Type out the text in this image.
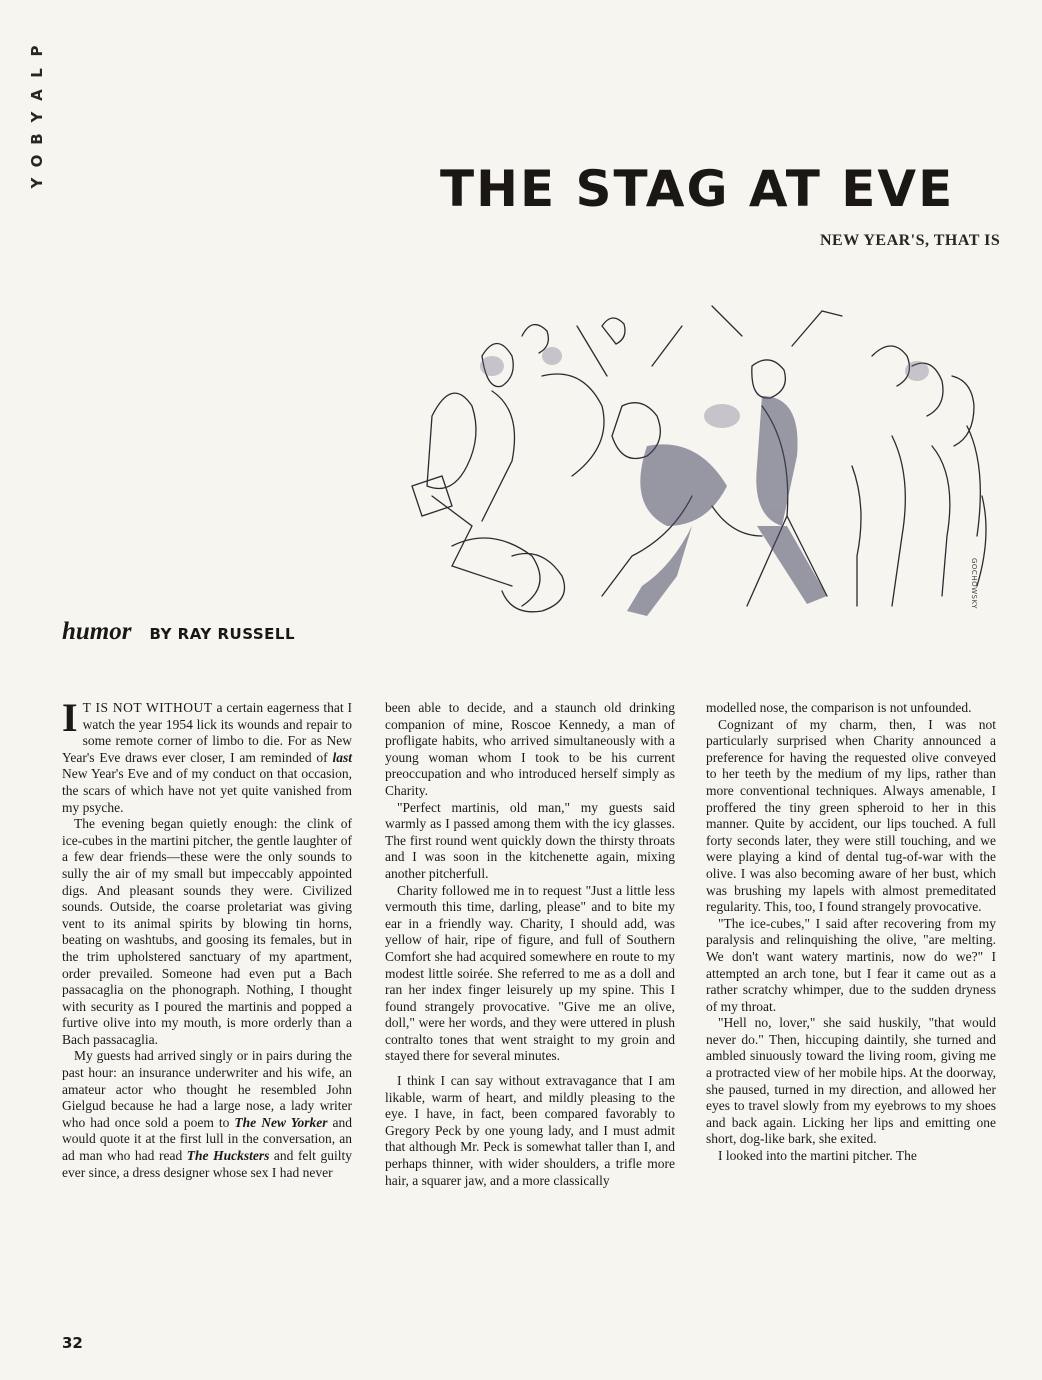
P
L
A
Y
B
O
Y	THE STAG AT EVE

NEW YEAR'S, THAT IS

GOCHOWSKY
humor BY RAY RUSSELL

I T IS NOT WITHOUT a certain eagerness that I watch the year 1954 lick its wounds and repair to some remote corner of limbo to die. For as New Year's Eve draws ever closer, I am reminded of last New Year's Eve and of my conduct on that occasion, the scars of which have not yet quite vanished from my psyche.

The evening began quietly enough: the clink of ice-cubes in the martini pitcher, the gentle laughter of a few dear friends—these were the only sounds to sully the air of my small but impeccably appointed digs. And pleasant sounds they were. Civilized sounds. Outside, the coarse proletariat was giving vent to its animal spirits by blowing tin horns, beating on washtubs, and goosing its females, but in the trim upholstered sanctuary of my apartment, order prevailed. Someone had even put a Bach passacaglia on the phonograph. Nothing, I thought with security as I poured the martinis and popped a furtive olive into my mouth, is more orderly than a Bach passacaglia.

My guests had arrived singly or in pairs during the past hour: an insurance underwriter and his wife, an amateur actor who thought he resembled John Gielgud because he had a large nose, a lady writer who had once sold a poem to The New Yorker and would quote it at the first lull in the conversation, an ad man who had read The Hucksters and felt guilty ever since, a dress designer whose sex I had never

been able to decide, and a staunch old drinking companion of mine, Roscoe Kennedy, a man of profligate habits, who arrived simultaneously with a young woman whom I took to be his current preoccupation and who introduced herself simply as Charity.

"Perfect martinis, old man," my guests said warmly as I passed among them with the icy glasses. The first round went quickly down the thirsty throats and I was soon in the kitchenette again, mixing another pitcherfull.

Charity followed me in to request "Just a little less vermouth this time, darling, please" and to bite my ear in a friendly way. Charity, I should add, was yellow of hair, ripe of figure, and full of Southern Comfort she had acquired somewhere en route to my modest little soirée. She referred to me as a doll and ran her index finger leisurely up my spine. This I found strangely provocative. "Give me an olive, doll," were her words, and they were uttered in plush contralto tones that went straight to my groin and stayed there for several minutes.

I think I can say without extravagance that I am likable, warm of heart, and mildly pleasing to the eye. I have, in fact, been compared favorably to Gregory Peck by one young lady, and I must admit that although Mr. Peck is somewhat taller than I, and perhaps thinner, with wider shoulders, a trifle more hair, a squarer jaw, and a more classically

modelled nose, the comparison is not unfounded.

Cognizant of my charm, then, I was not particularly surprised when Charity announced a preference for having the requested olive conveyed to her teeth by the medium of my lips, rather than more conventional techniques. Always amenable, I proffered the tiny green spheroid to her in this manner. Quite by accident, our lips touched. A full forty seconds later, they were still touching, and we were playing a kind of dental tug-of-war with the olive. I was also becoming aware of her bust, which was brushing my lapels with almost premeditated regularity. This, too, I found strangely provocative.

"The ice-cubes," I said after recovering from my paralysis and relinquishing the olive, "are melting. We don't want watery martinis, now do we?" I attempted an arch tone, but I fear it came out as a rather scratchy whimper, due to the sudden dryness of my throat.

"Hell no, lover," she said huskily, "that would never do." Then, hiccuping daintily, she turned and ambled sinuously toward the living room, giving me a protracted view of her mobile hips. At the doorway, she paused, turned in my direction, and allowed her eyes to travel slowly from my eyebrows to my shoes and back again. Licking her lips and emitting one short, dog-like bark, she exited.

I looked into the martini pitcher. The

32
